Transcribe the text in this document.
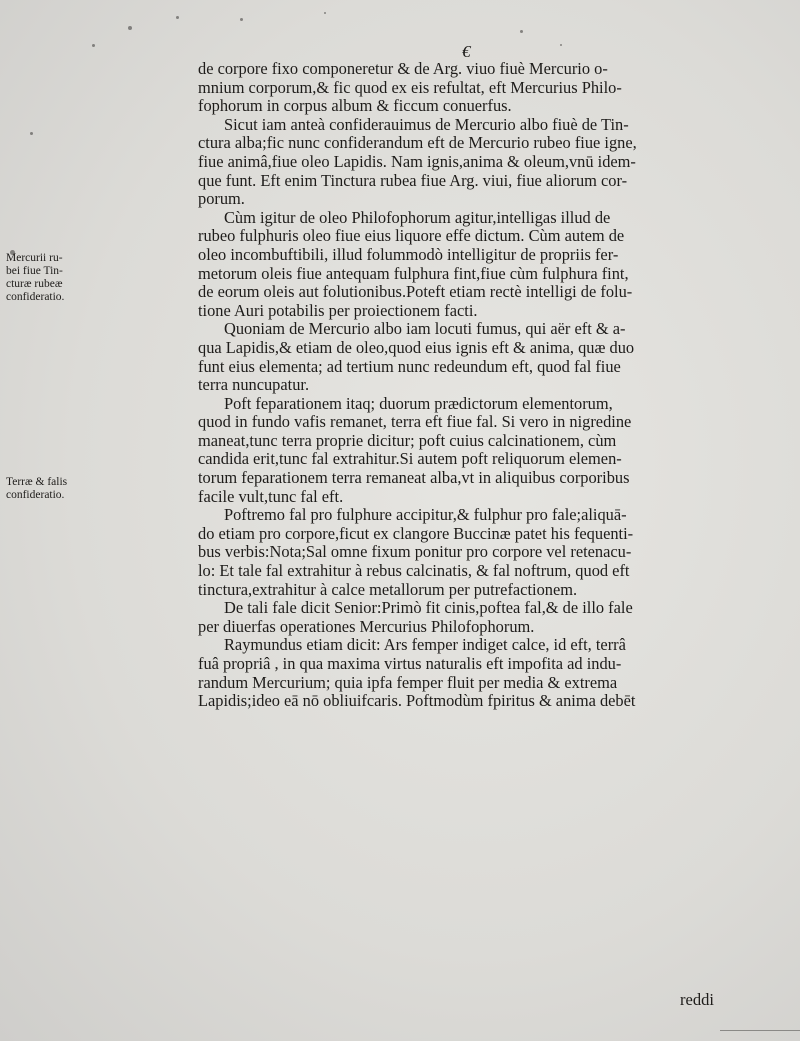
€
Mercurii ru-
bei fiue Tin-
cturæ rubeæ
confideratio.
Terræ & falis
confideratio.
de corpore fixo componeretur & de Arg. viuo fiuè Mercurio o-
mnium corporum,& fic quod ex eis refultat, eft Mercurius Philo-
fophorum in corpus album & ficcum conuerfus.
Sicut iam anteà confiderauimus de Mercurio albo fiuè de Tin-
ctura alba;fic nunc confiderandum eft de Mercurio rubeo fiue igne,
fiue animâ,fiue oleo Lapidis. Nam ignis,anima & oleum,vnū idem-
que funt. Eft enim Tinctura rubea fiue Arg. viui, fiue aliorum cor-
porum.
Cùm igitur de oleo Philofophorum agitur,intelligas illud de
rubeo fulphuris oleo fiue eius liquore effe dictum. Cùm autem de
oleo incombuftibili, illud folummodò intelligitur de propriis fer-
metorum oleis fiue antequam fulphura fint,fiue cùm fulphura fint,
de eorum oleis aut folutionibus.Poteft etiam rectè intelligi de folu-
tione Auri potabilis per proiectionem facti.
Quoniam de Mercurio albo iam locuti fumus, qui aër eft & a-
qua Lapidis,& etiam de oleo,quod eius ignis eft & anima, quæ duo
funt eius elementa; ad tertium nunc redeundum eft, quod fal fiue
terra nuncupatur.
Poft feparationem itaq; duorum prædictorum elementorum,
quod in fundo vafis remanet, terra eft fiue fal. Si vero in nigredine
maneat,tunc terra proprie dicitur; poft cuius calcinationem, cùm
candida erit,tunc fal extrahitur.Si autem poft reliquorum elemen-
torum feparationem terra remaneat alba,vt in aliquibus corporibus
facile vult,tunc fal eft.
Poftremo fal pro fulphure accipitur,& fulphur pro fale;aliquā-
do etiam pro corpore,ficut ex clangore Buccinæ patet his fequenti-
bus verbis:Nota;Sal omne fixum ponitur pro corpore vel retenacu-
lo: Et tale fal extrahitur à rebus calcinatis, & fal noftrum, quod eft
tinctura,extrahitur à calce metallorum per putrefactionem.
De tali fale dicit Senior:Primò fit cinis,poftea fal,& de illo fale
per diuerfas operationes Mercurius Philofophorum.
Raymundus etiam dicit: Ars femper indiget calce, id eft, terrâ
fuâ propriâ , in qua maxima virtus naturalis eft impofita ad indu-
randum Mercurium; quia ipfa femper fluit per media & extrema
Lapidis;ideo eā nō obliuifcaris. Poftmodùm fpiritus & anima debēt
reddi
